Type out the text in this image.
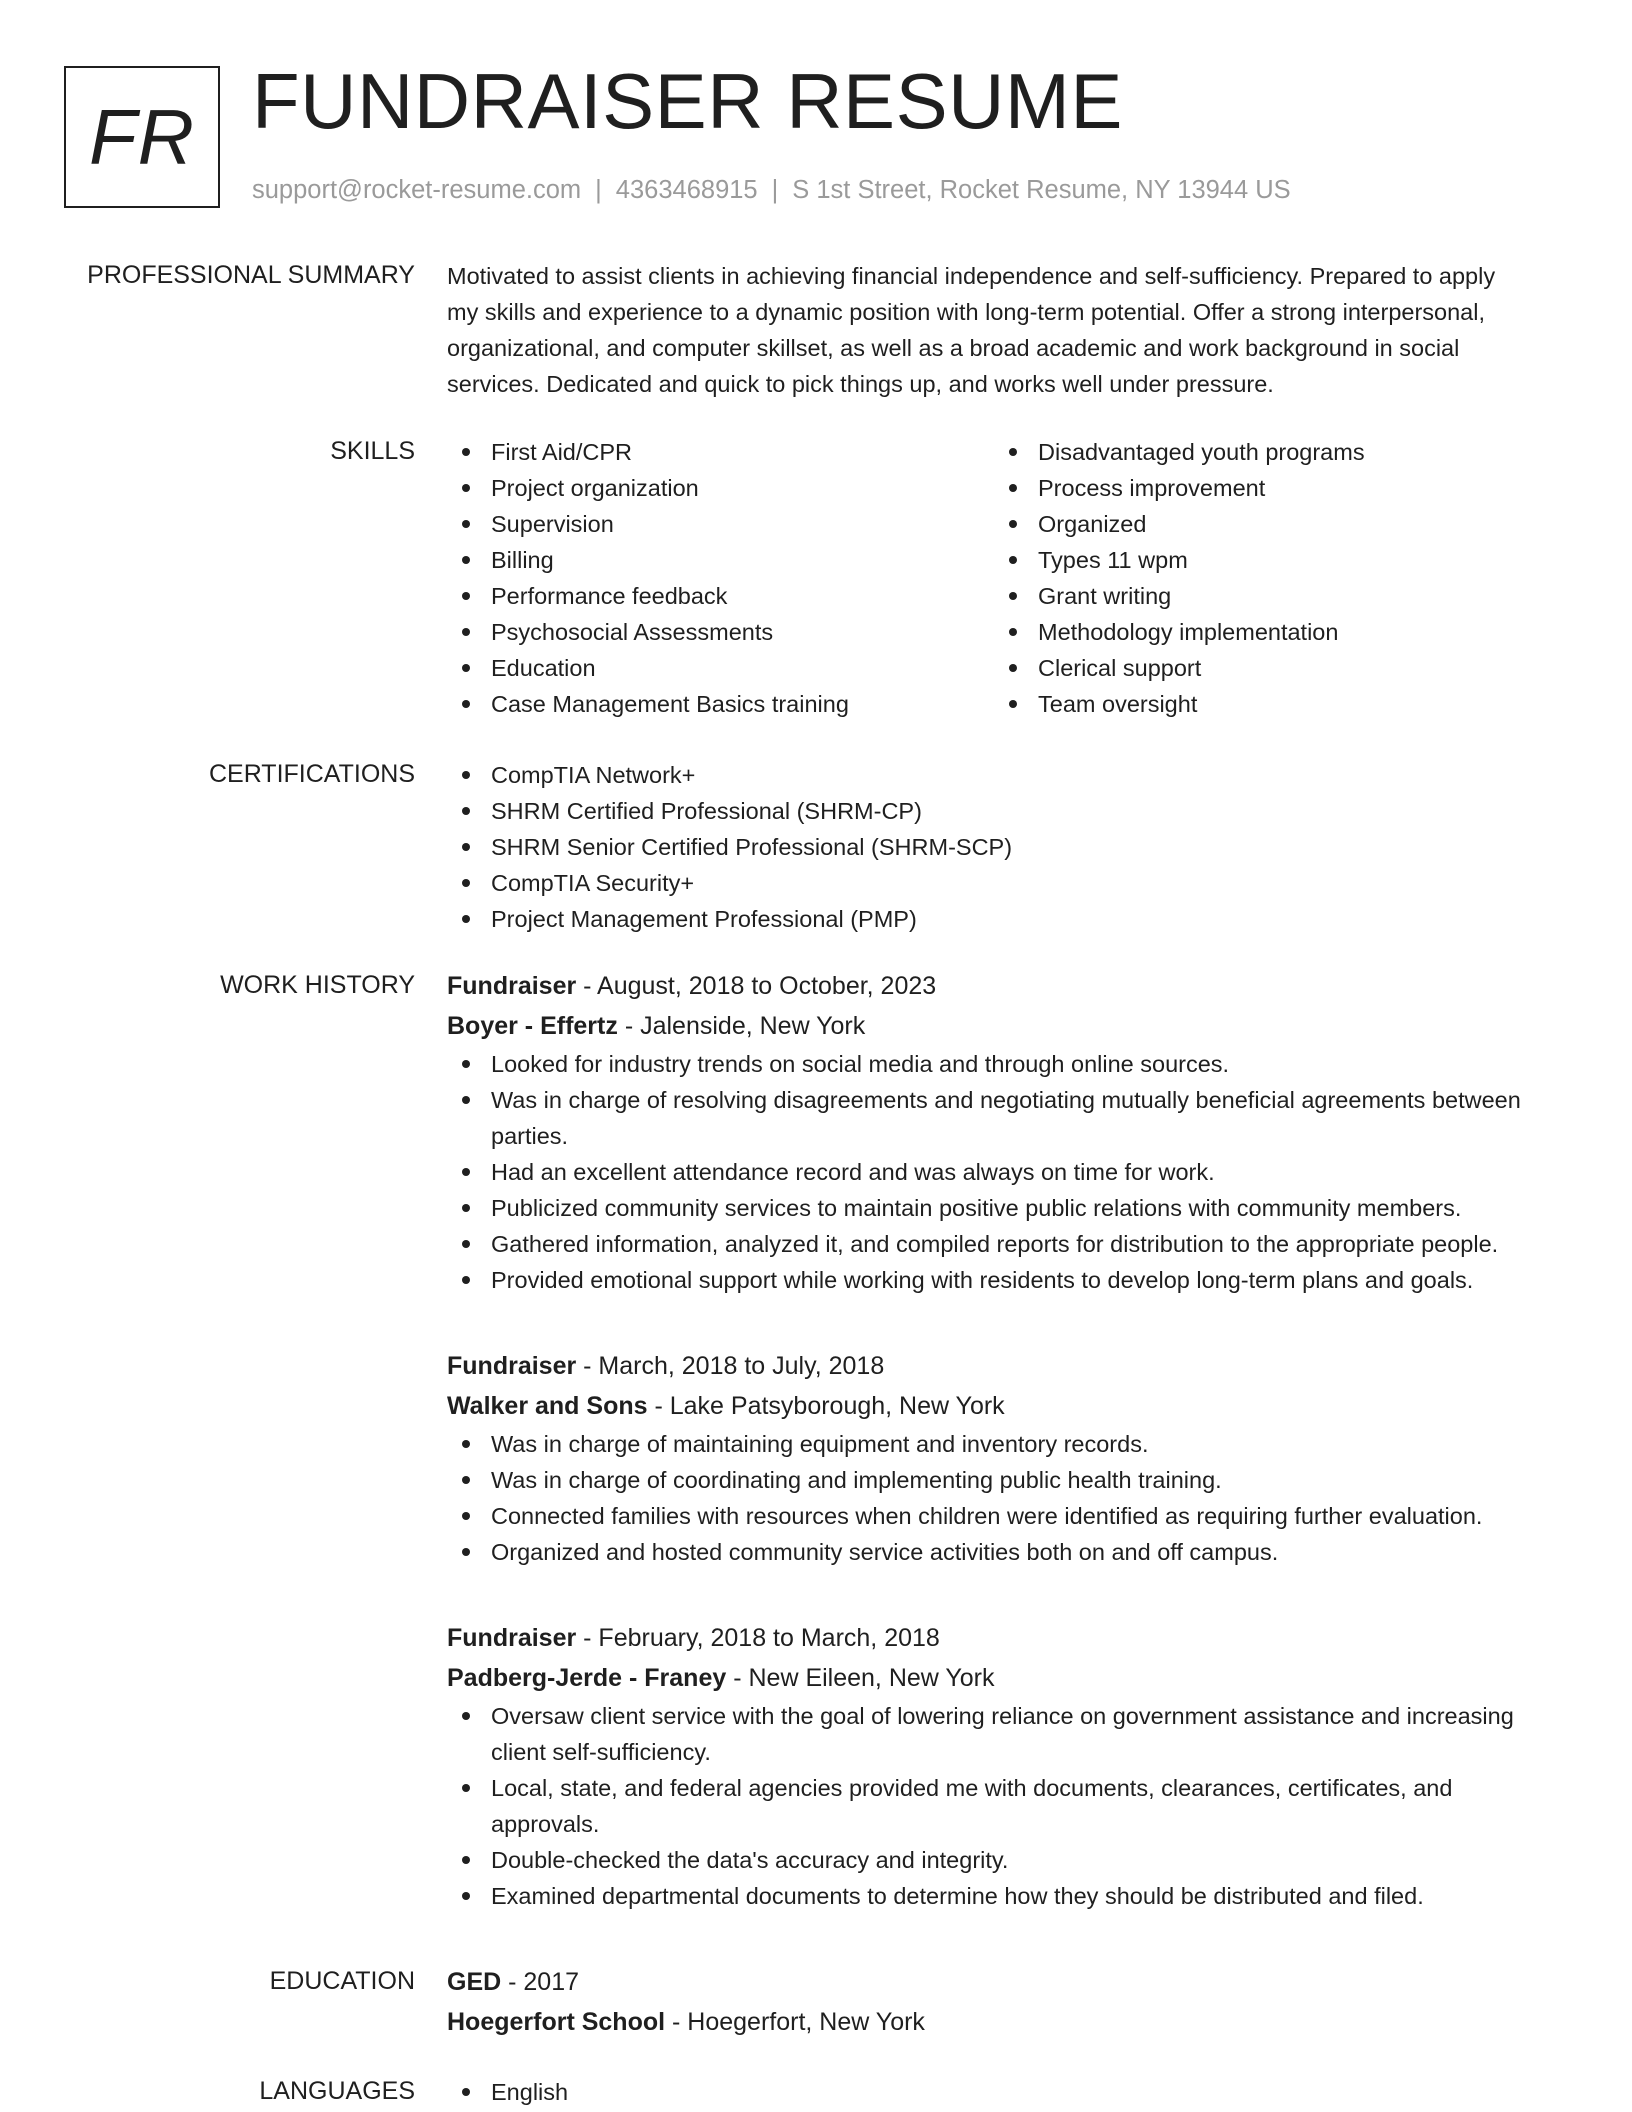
FR FUNDRAISER RESUME
support@rocket-resume.com | 4363468915 | S 1st Street, Rocket Resume, NY 13944 US
PROFESSIONAL SUMMARY Motivated to assist clients in achieving financial independence and self-sufficiency. Prepared to apply
my skills and experience to a dynamic position with long-term potential. Offer a strong interpersonal,
organizational, and computer skillset, as well as a broad academic and work background in social
services. Dedicated and quick to pick things up, and works well under pressure.
SKILLS	First Aid/CPR
Project organization
Supervision
Billing
Performance feedback
Psychosocial Assessments
Education
Case Management Basics training
Disadvantaged youth programs
Process improvement
Organized
Types 11 wpm
Grant writing
Methodology implementation
Clerical support
Team oversight
CERTIFICATIONS	CompTIA Network+
SHRM Certified Professional (SHRM-CP)
SHRM Senior Certified Professional (SHRM-SCP)
CompTIA Security+
Project Management Professional (PMP)
WORK HISTORY Fundraiser - August, 2018 to October, 2023
Boyer - Effertz - Jalenside, New York
Looked for industry trends on social media and through online sources.
Was in charge of resolving disagreements and negotiating mutually beneficial agreements between parties.
Had an excellent attendance record and was always on time for work.
Publicized community services to maintain positive public relations with community members.
Gathered information, analyzed it, and compiled reports for distribution to the appropriate people.
Provided emotional support while working with residents to develop long-term plans and goals.
Fundraiser - March, 2018 to July, 2018
Walker and Sons - Lake Patsyborough, New York
Was in charge of maintaining equipment and inventory records.
Was in charge of coordinating and implementing public health training.
Connected families with resources when children were identified as requiring further evaluation.
Organized and hosted community service activities both on and off campus.
Fundraiser - February, 2018 to March, 2018
Padberg-Jerde - Franey - New Eileen, New York
Oversaw client service with the goal of lowering reliance on government assistance and increasing client self-sufficiency.
Local, state, and federal agencies provided me with documents, clearances, certificates, and approvals.
Double-checked the data's accuracy and integrity.
Examined departmental documents to determine how they should be distributed and filed.
EDUCATION GED - 2017
Hoegerfort School - Hoegerfort, New York
LANGUAGES	English
